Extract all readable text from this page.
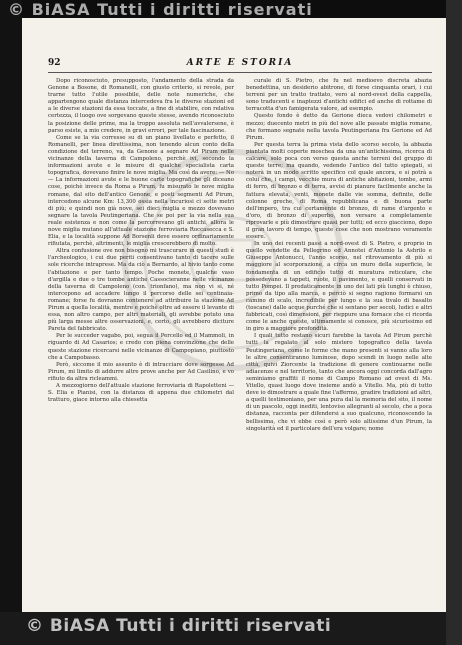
© BiASA Tutti i diritti riservati
© BiASA Tutti i diritti riservati
92	ARTE E STORIA

Dopo riconosciuto, presupposto, l'andamento della strada da Genone a Bosone, di Romanelli, con giusto criterio, si revole, per trarne tutto l'utile possibile, delle note numeriche, che appartengono quale distanza intercedeva fra le diverse stazioni ed a le diverse stazioni da essa toccate, a fine di stabilire, con relativa certezza, il luogo ove sorgevano queste stesse, avendo riconosciuto la posizione delle prime, ma la troppo assoluta nell'avvalersene, è parso esiste, a mio credere, in gravi errori, per tale fascinazione.

Come se la via corresse su di un piano livellato e perfetto, il Romanelli, per linea direttissima, non tenendo alcun conto della condizione del terreno, va, da Genone a segnare Ad Pirum nelle vicinanze della taverna di Campoleno, perchè ivi, secondo la informazioni avute e le misure di qualche specialista carta topografica, dovevano finire le nove miglia. Ma così da avere: — No — La informazioni avute e le buone carte topografiche gli diceano cose, poichè invece da Roma a Pirum, fu misurato le nove miglia romane, dal sito dell'antico Genone, e posti segmenti Ad Pirum, intercedono alcune Km: 13,300 ossia nella incuriosi ci sette metri di più; e quindi non già nove, sei dieci miglia e mezzo dovevano segnare la tavola Peutingeriana. Che se poi per la via nella sua reale esistenza e non come la percorrevano gli antichi, allora le nove miglia mutano all'attuale stazione ferroviaria Roccasecca e S. Elia, e la località suppone Ad Borsenli deve essere ordinariamente rifiutata, perchè, altrimenti, le miglia crescerebbero di molto.

Altra confusione ove non bisogno mi trascurare in questi studi è l'archeologico, i cui due periti consentivano tanto di tacere sulle sole ricerche intraprese. Ma da ciò a Bernardo, al bivio tanto come l'abitazione e per tanto tempo. Poche monete, qualche vaso d'argilla e due o tre tombe antiche Cassocieranne nelle vicinanze della taverna di Campoleno (con. trionfano), ma non vi si, né intercepono ad accadere lungo il percorso delle sei centinaia-romane; forse fu dovranno contenere ad attribuire la stazione Ad Pirum a quella località, mentre e poichè oltre ad essere il levante di essa, non altro campo, per altri materiali, gli avrebbe potuto una più larga messe altre osservazioni, e, certo, gli avrebbero diciture Pareta del fabbricato.

Per le succeder vagabo, poi, segua il Percello ed il Mammoli, in riguardo di Ad Casarios; e credo con piena convinzione che delle queste stazione ricercarsi nelle vicinanze di Campopiano, piuttosto che a Campobasso.

Però, siccome il mio assunto è di intracciare dove sorgesse Ad Pirum, mi limito di addurre altre prove anche per Ad Casilino, e vo rifiuto da altra ricleammi.

A mezzogiorno dell'attuale stazione ferroviaria di Rapoletteni — S. Elia e Pianisi, con la distanza di appena due chilometri dal tratturo, giace intorno alla chiesetta

curale di S. Pietro, che fu nel medioevo discreta abazia benedettina, un desiderio abitrone, di forse cinquanta orari, i cui terreni per un tratto trattato, vero al nord-ovest della cappella, sono traducenti e inaptezzi d'antichi edifici ed anche di rottame di terracotta d'un famigerata valore, ad esempio.

Questo fondo è detto da Gerione dieca vedovi chilometri e mezzo; duecento metri in più del nove alle passate miglia romane, che formano segnate nella tavola Peutingeriana fra Gerione ed Ad Pirum.

Per questa terra la prima vista dello scorso secolo, la abbazia piantata molti coperte moschea da una un'antichissima, ricerca di calcare, solo poca con verso questa anche terreni del gruppo di queste terre; ma quando, vedendo l'antico del tutto spiegati, si noterà in un modo scritto specifico col quale ancora, e si potrà a colui che, i campi, vecchie mura di antiche abitazioni, tombe, armi di ferro, di bronzo e di terra, avvisi di pianure facilmente anche la fattura elevata, venti, monete dalle vie somma, definite, delle colonne greche, di Roma repubblicana e di buona parte dell'impero, tra cui certamente di bronzo, di rame d'argento e d'oro, di bronzo di superbo, non versare a completamente riprovarle e più dimostrare quasi per tutti; ed ecco giacciono, dopo il gran lavoro di tempo, queste cose che non mostrano veramente essere.

In uno dei recenti passi a nord-ovest di S. Pietro, e proprio in quello vendette da Pellegrino ed Annotei d'Antonio la Ashrilo e Giuseppe Antonucci, l'anno scorso, nel ritrovamento di più si maggiore al scorporazione, a circa un muro della superficie, le fondamenta di un edificio tutto di muratura reticolare, che possedevano a tappeti, ruote, il pavimento, e quelli conservati in tutto Pompei. Il predaticamente in uno dei lati più lunghi è chiuso, primo da tipo alla marca, e perciò si segno ragiono formarsi un camino di scalo, incredibile per lungo e la sua tivalo di basalto (toscane) dalle acque purché che si sentano per secoli, ludici e altri fabbricati, così dimensioni, per rieppure una fornace che ci ricorda come le anche queste, ultimamente si conosce, più sicurissimo ed in giro a maggiore profondità.

I quali tutto restano sicuri farebbe la tavola Ad Pirum perchè tutti la regalato al solo mistero topografico della tavola Peutingeriana, come le forme che mano presenti si vanno alla loro le altre consentiranno luminose, dopo scendi in luogo nelle alte città, quivi Ziorcente la tradizione di genere continuarne nelle adiacenze e nel territorio, tanto che ancora oggi concorda dall'agro seminiamo graffiti il nome di Campo Romano ad ovest di Ms. Vitello, quasi luogo dove insieme andò a Vitello. Ma, più di tutto deve io dimostrare a quale fine l'affermo, gradire tradizioni ad altri, a quelli testimoniano, per una pura dal la memoria del sito, il nome di un pascolo, oggi inediti, lentoviso allegranti al secolo, che a poca distanza, racconta per difendersi a suo qualcuno, riconoscendo la bellissima, che vi ebbe così e però solo altissime d'un Pirum, la singolarità ed il particolare dell'era volgare; nome
